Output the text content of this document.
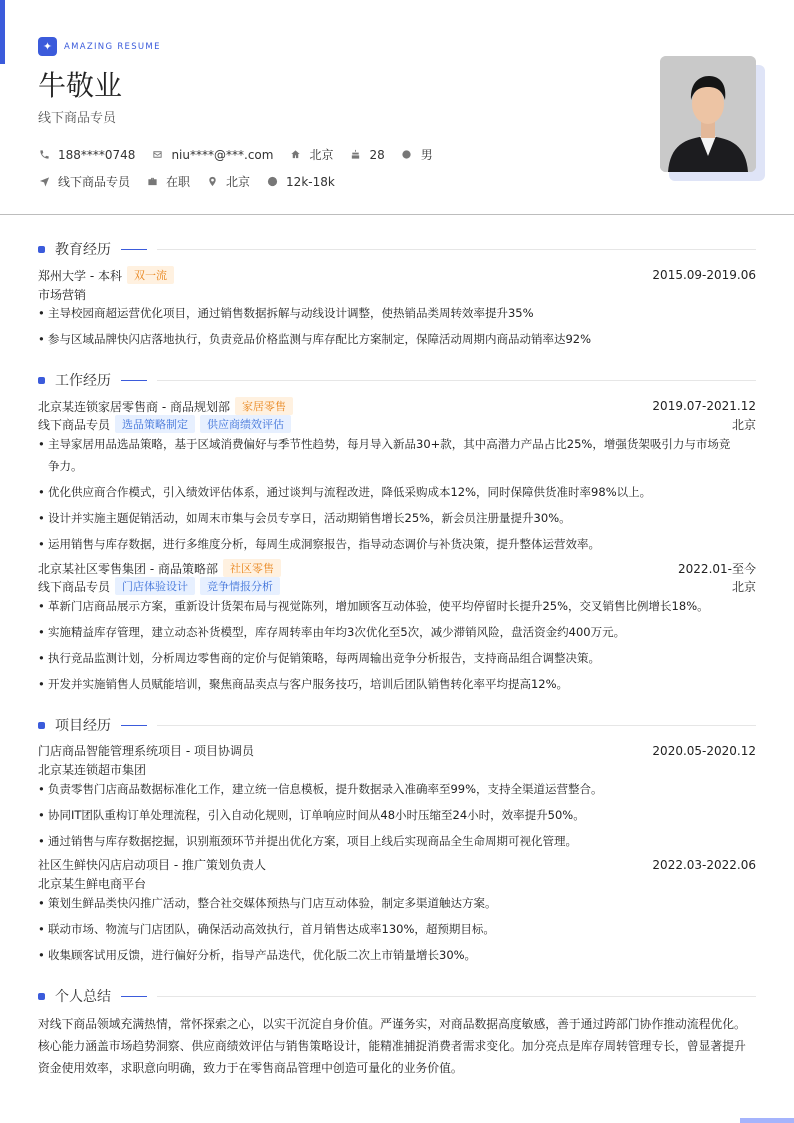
✦	AMAZING RESUME
牛敬业
线下商品专员
188****0748	niu****@***.com	北京	28	男
线下商品专员	在职	北京	12k-18k
教育经历
郑州大学 - 本科	双一流	2015.09-2019.06
市场营销
• 主导校园商超运营优化项目，通过销售数据拆解与动线设计调整，使热销品类周转效率提升35%
• 参与区域品牌快闪店落地执行，负责竞品价格监测与库存配比方案制定，保障活动周期内商品动销率达92%
工作经历
北京某连锁家居零售商 - 商品规划部	家居零售	2019.07-2021.12
线下商品专员	选品策略制定	供应商绩效评估	北京
• 主导家居用品选品策略，基于区域消费偏好与季节性趋势，每月导入新品30+款，其中高潜力产品占比25%，增强货架吸引力与市场竞
争力。
• 优化供应商合作模式，引入绩效评估体系，通过谈判与流程改进，降低采购成本12%，同时保障供货准时率98%以上。
• 设计并实施主题促销活动，如周末市集与会员专享日，活动期销售增长25%，新会员注册量提升30%。
• 运用销售与库存数据，进行多维度分析，每周生成洞察报告，指导动态调价与补货决策，提升整体运营效率。
北京某社区零售集团 - 商品策略部	社区零售	2022.01-至今
线下商品专员	门店体验设计	竞争情报分析	北京
• 革新门店商品展示方案，重新设计货架布局与视觉陈列，增加顾客互动体验，使平均停留时长提升25%，交叉销售比例增长18%。
• 实施精益库存管理，建立动态补货模型，库存周转率由年均3次优化至5次，减少滞销风险，盘活资金约400万元。
• 执行竞品监测计划，分析周边零售商的定价与促销策略，每两周输出竞争分析报告，支持商品组合调整决策。
• 开发并实施销售人员赋能培训，聚焦商品卖点与客户服务技巧，培训后团队销售转化率平均提高12%。
项目经历
门店商品智能管理系统项目 - 项目协调员	2020.05-2020.12
北京某连锁超市集团
• 负责零售门店商品数据标准化工作，建立统一信息模板，提升数据录入准确率至99%，支持全渠道运营整合。
• 协同IT团队重构订单处理流程，引入自动化规则，订单响应时间从48小时压缩至24小时，效率提升50%。
• 通过销售与库存数据挖掘，识别瓶颈环节并提出优化方案，项目上线后实现商品全生命周期可视化管理。
社区生鲜快闪店启动项目 - 推广策划负责人	2022.03-2022.06
北京某生鲜电商平台
• 策划生鲜品类快闪推广活动，整合社交媒体预热与门店互动体验，制定多渠道触达方案。
• 联动市场、物流与门店团队，确保活动高效执行，首月销售达成率130%，超预期目标。
• 收集顾客试用反馈，进行偏好分析，指导产品迭代，优化版二次上市销量增长30%。
个人总结
对线下商品领域充满热情，常怀探索之心，以实干沉淀自身价值。严谨务实，对商品数据高度敏感，善于通过跨部门协作推动流程优化。核心能力涵盖市场趋势洞察、供应商绩效评估与销售策略设计，能精准捕捉消费者需求变化。加分亮点是库存周转管理专长，曾显著提升资金使用效率，求职意向明确，致力于在零售商品管理中创造可量化的业务价值。
